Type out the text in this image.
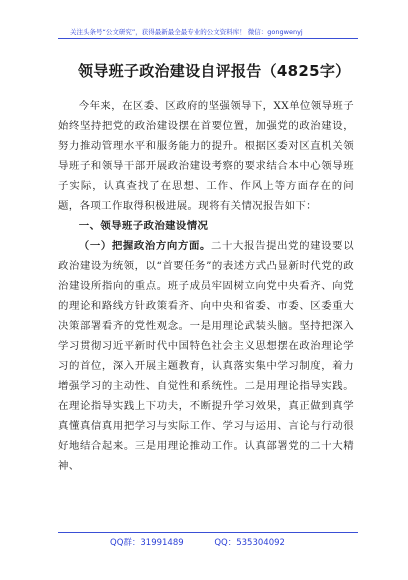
关注头条号“公文研究”，获得最新最全最专业的公文资料库！ 微信：gongwenyj
领导班子政治建设自评报告（4825字）

今年来，在区委、区政府的坚强领导下，XX单位领导班子始终坚持把党的政治建设摆在首要位置，加强党的政治建设，努力推动管理水平和服务能力的提升。根据区委对区直机关领导班子和领导干部开展政治建设考察的要求结合本中心领导班子实际，认真查找了在思想、工作、作风上等方面存在的问题，各项工作取得积极进展。现将有关情况报告如下：

一、领导班子政治建设情况

（一）把握政治方向方面。二十大报告提出党的建设要以政治建设为统领，以“首要任务”的表述方式凸显新时代党的政治建设所指向的重点。班子成员牢固树立向党中央看齐、向党的理论和路线方针政策看齐、向中央和省委、市委、区委重大决策部署看齐的党性观念。一是用理论武装头脑。坚持把深入学习贯彻习近平新时代中国特色社会主义思想摆在政治理论学习的首位，深入开展主题教育，认真落实集中学习制度，着力增强学习的主动性、自觉性和系统性。二是用理论指导实践。在理论指导实践上下功夫，不断提升学习效果，真正做到真学真懂真信真用把学习与实际工作、学习与运用、言论与行动很好地结合起来。三是用理论推动工作。认真部署党的二十大精神、

QQ群：31991489	QQ：535304092
